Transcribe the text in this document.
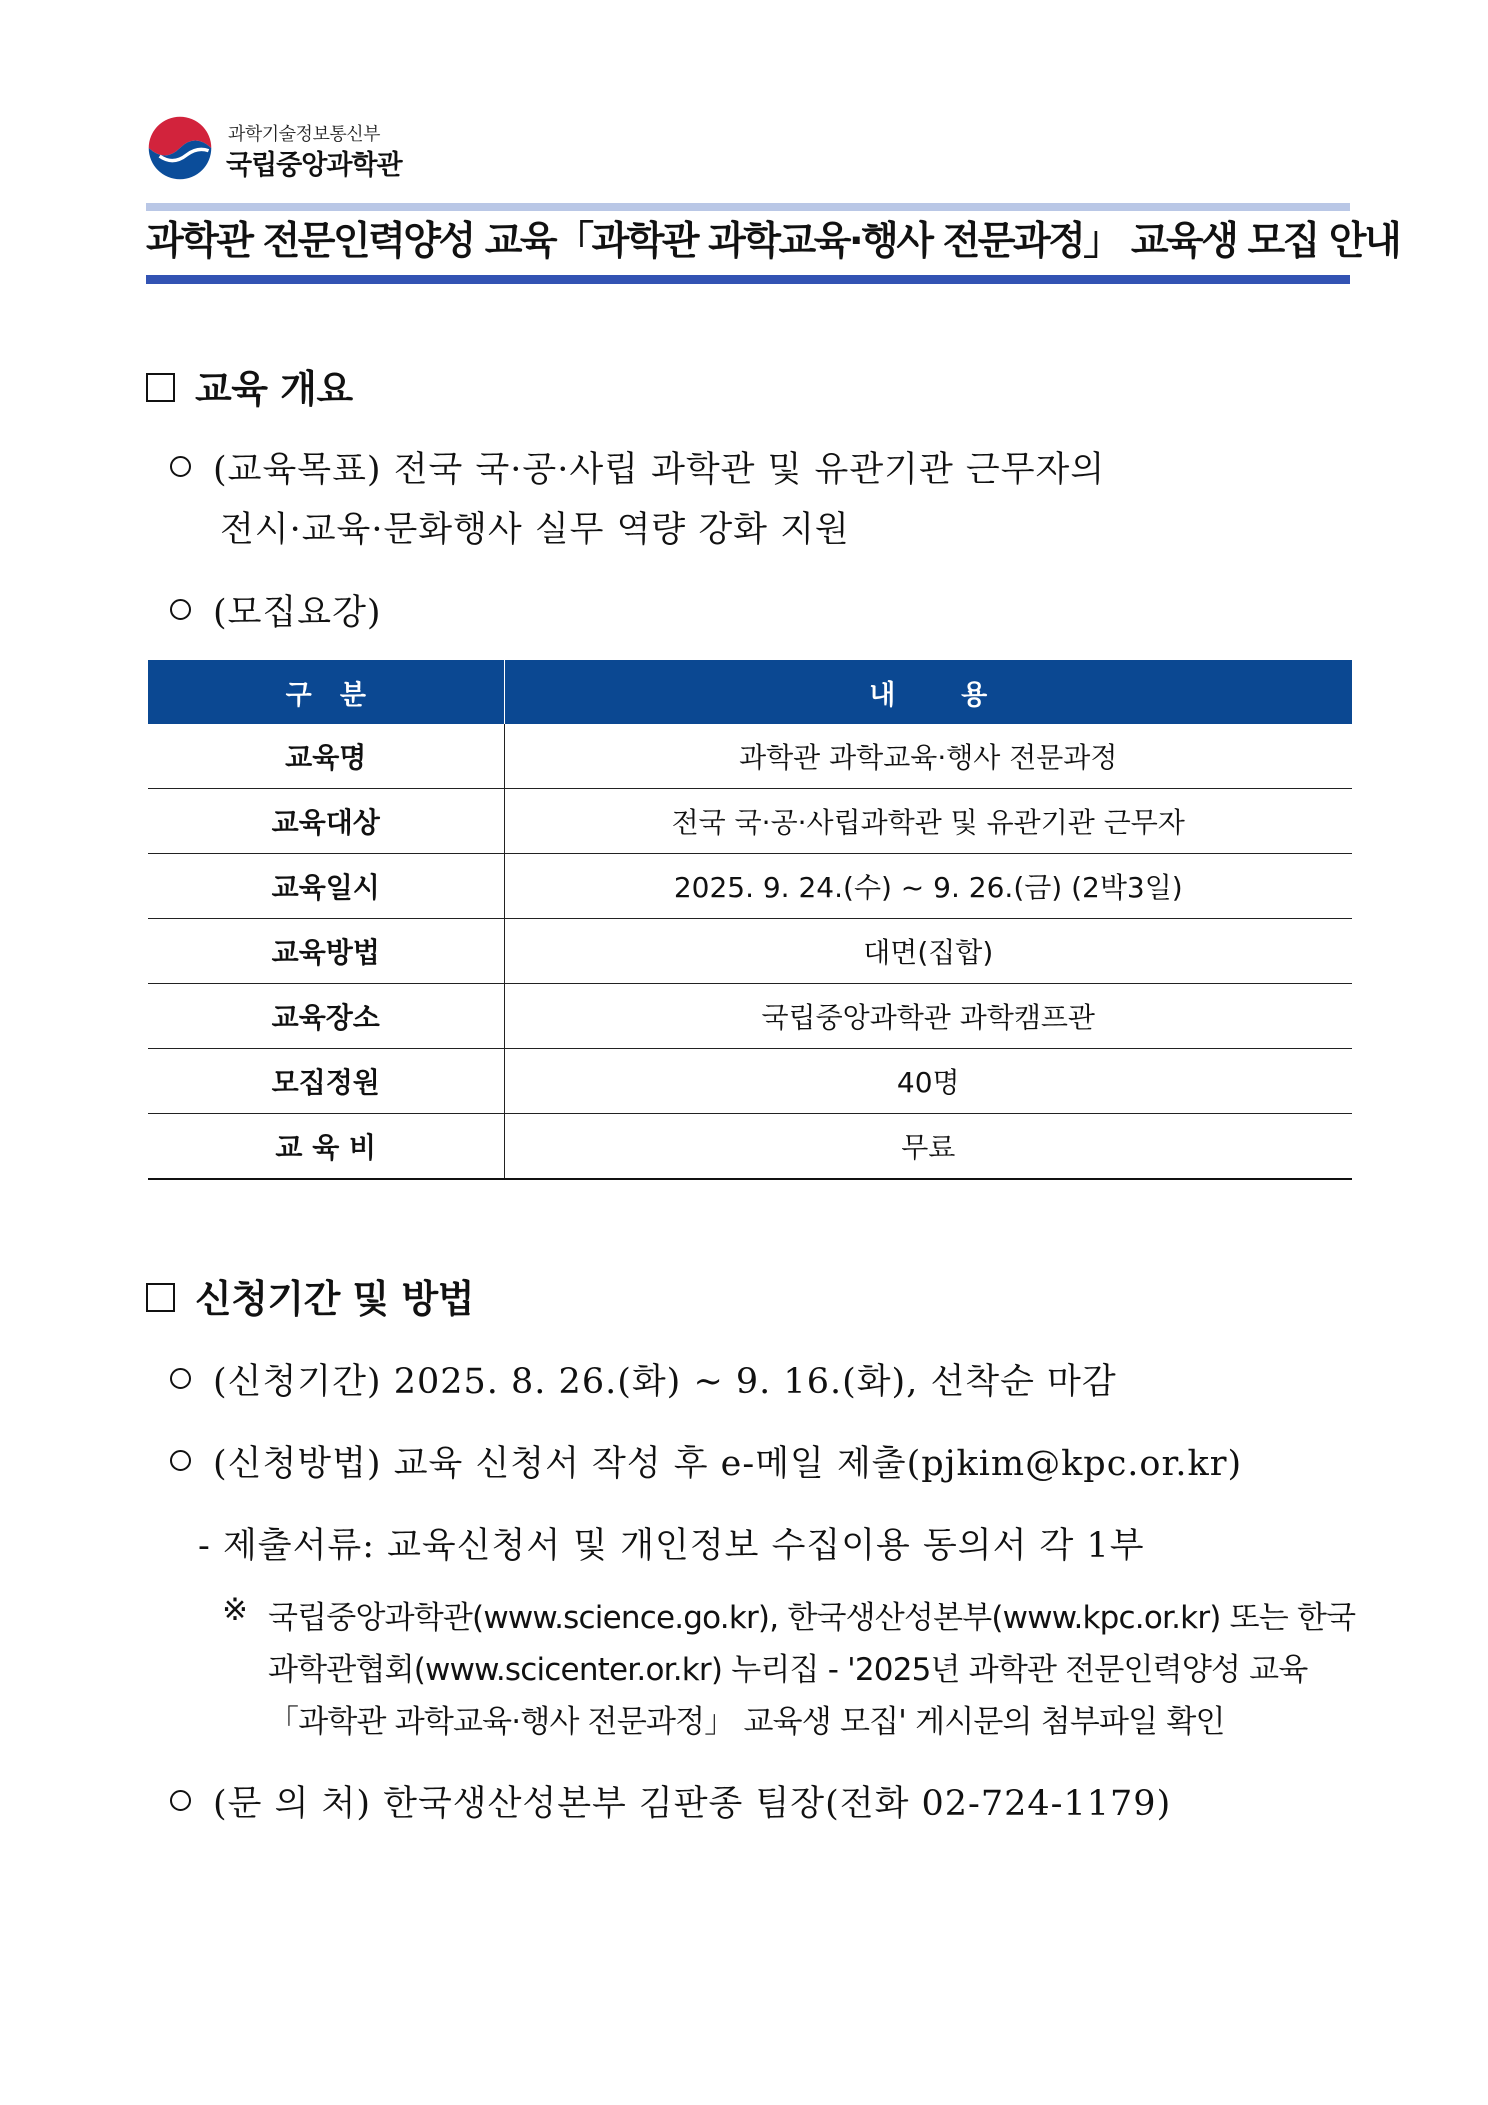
과학기술정보통신부
국립중앙과학관
과학관 전문인력양성 교육「과학관 과학교육·행사 전문과정」 교육생 모집 안내
교육 개요
(교육목표) 전국 국·공·사립 과학관 및 유관기관 근무자의
전시·교육·문화행사 실무 역량 강화 지원
(모집요강)
구   분	내       용
교육명	과학관 과학교육·행사 전문과정
교육대상	전국 국·공·사립과학관 및 유관기관 근무자
교육일시	2025. 9. 24.(수) ~ 9. 26.(금) (2박3일)
교육방법	대면(집합)
교육장소	국립중앙과학관 과학캠프관
모집정원	40명
교 육 비	무료
신청기간 및 방법
(신청기간) 2025. 8. 26.(화) ~ 9. 16.(화), 선착순 마감
(신청방법) 교육 신청서 작성 후 e-메일 제출(pjkim@kpc.or.kr)
- 제출서류: 교육신청서 및 개인정보 수집이용 동의서 각 1부
※ 국립중앙과학관(www.science.go.kr), 한국생산성본부(www.kpc.or.kr) 또는 한국
과학관협회(www.scicenter.or.kr) 누리집 - '2025년 과학관 전문인력양성 교육
「과학관 과학교육·행사 전문과정」 교육생 모집' 게시문의 첨부파일 확인
(문 의 처) 한국생산성본부 김판종 팀장(전화 02-724-1179)
